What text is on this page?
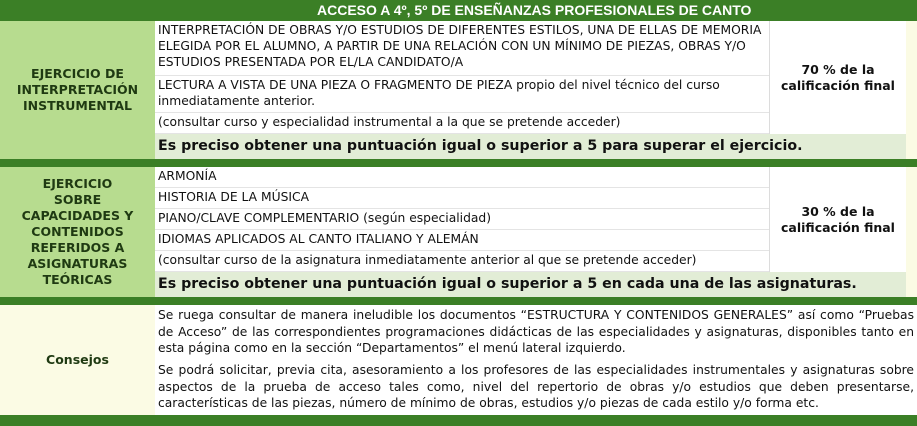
ACCESO A 4º, 5º DE ENSEÑANZAS PROFESIONALES DE CANTO
EJERCICIO DE INTERPRETACIÓN INSTRUMENTAL
INTERPRETACIÓN DE OBRAS Y/O ESTUDIOS DE DIFERENTES ESTILOS, UNA DE ELLAS DE MEMORIA ELEGIDA POR EL ALUMNO, A PARTIR DE UNA RELACIÓN CON UN MÍNIMO DE PIEZAS, OBRAS Y/O ESTUDIOS PRESENTADA POR EL/LA CANDIDATO/A
LECTURA A VISTA DE UNA PIEZA O FRAGMENTO DE PIEZA propio del nivel técnico del curso inmediatamente anterior.
(consultar curso y especialidad instrumental a la que se pretende acceder)
70 % de la calificación final
Es preciso obtener una puntuación igual o superior a 5 para superar el ejercicio.
EJERCICIO SOBRE CAPACIDADES Y CONTENIDOS REFERIDOS A ASIGNATURAS TEÓRICAS
ARMONÍA
HISTORIA DE LA MÚSICA
PIANO/CLAVE COMPLEMENTARIO (según especialidad)
IDIOMAS APLICADOS AL CANTO ITALIANO Y ALEMÁN
(consultar curso de la asignatura inmediatamente anterior al que se pretende acceder)
30 % de la calificación final
Es preciso obtener una puntuación igual o superior a 5 en cada una de las asignaturas.
Consejos
Se ruega consultar de manera ineludible los documentos “ESTRUCTURA Y CONTENIDOS GENERALES” así como “Pruebas de Acceso” de las correspondientes programaciones didácticas de las especialidades y asignaturas, disponibles tanto en esta página como en la sección “Departamentos” el menú lateral izquierdo.
Se podrá solicitar, previa cita, asesoramiento a los profesores de las especialidades instrumentales y asignaturas sobre aspectos de la prueba de acceso tales como, nivel del repertorio de obras y/o estudios que deben presentarse, características de las piezas, número de mínimo de obras, estudios y/o piezas de cada estilo y/o forma etc.
